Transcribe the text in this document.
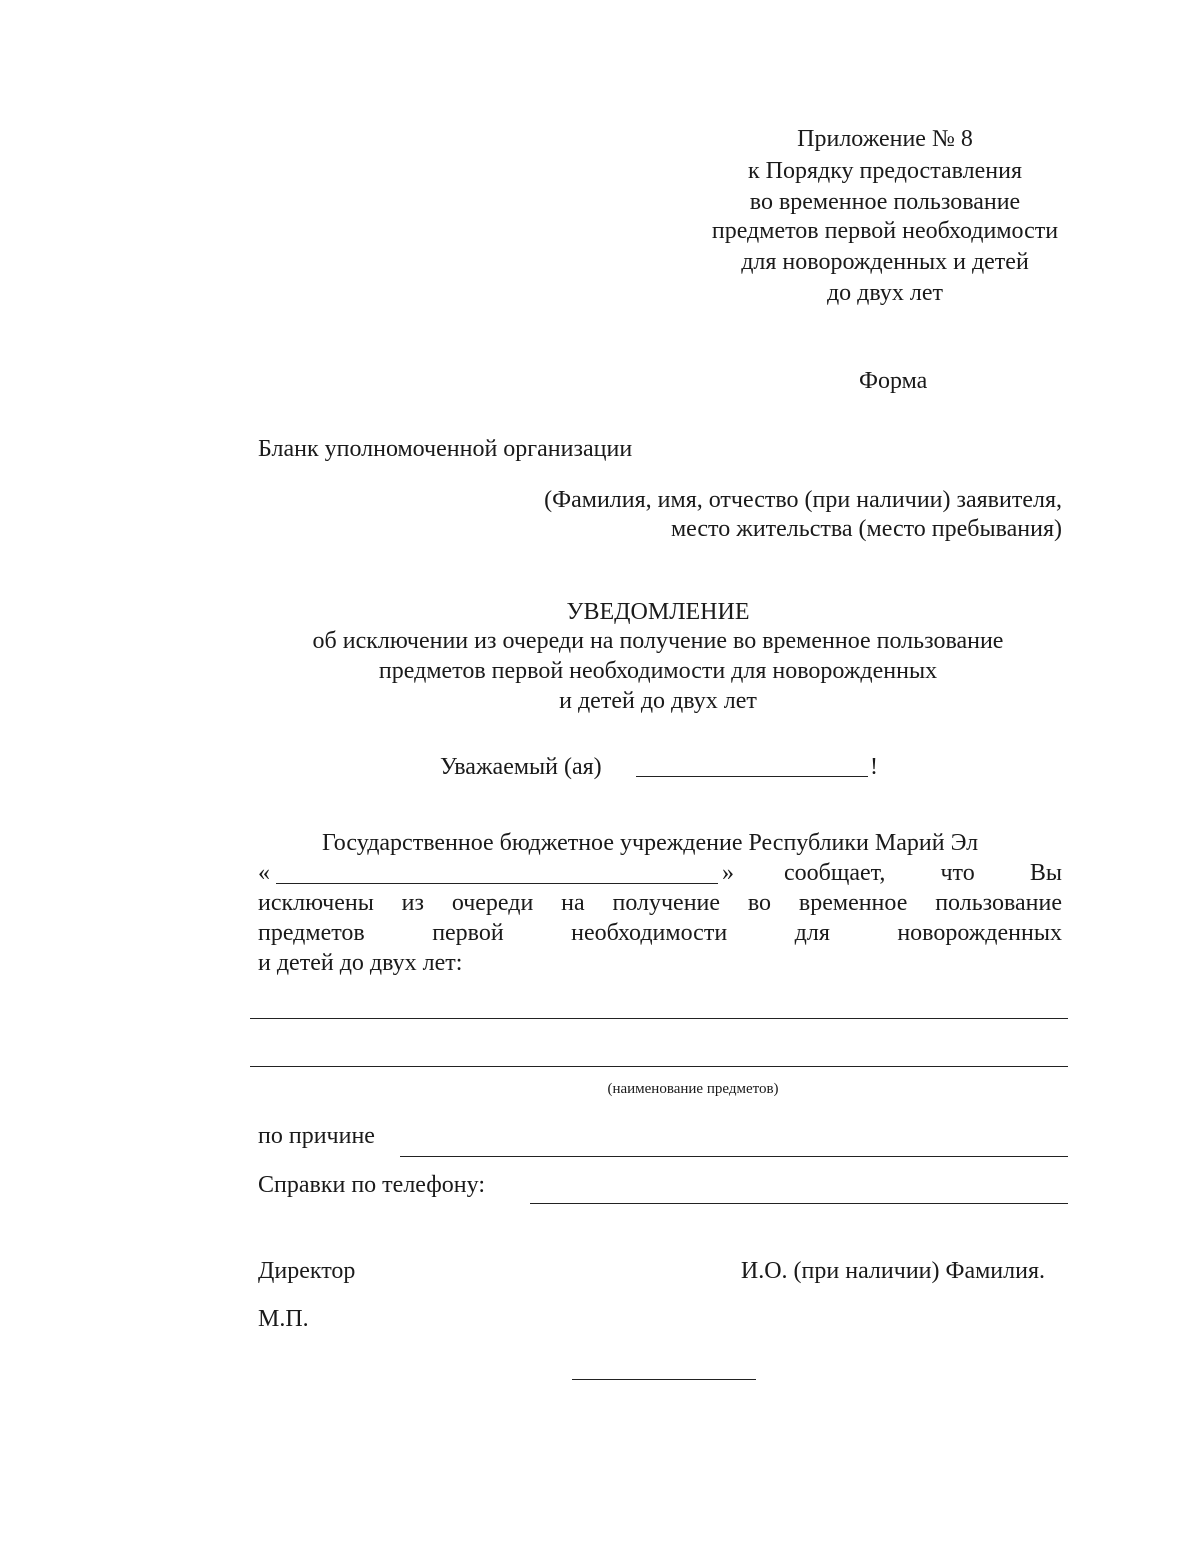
Приложение № 8
к Порядку предоставления
во временное пользование
предметов первой необходимости
для новорожденных и детей
до двух лет
Форма
Бланк уполномоченной организации
(Фамилия, имя, отчество (при наличии) заявителя,
место жительства (место пребывания)
УВЕДОМЛЕНИЕ
об исключении из очереди на получение во временное пользование
предметов первой необходимости для новорожденных
и детей до двух лет
Уважаемый (ая)	!
Государственное бюджетное учреждение Республики Марий Эл
«	» сообщает, что Вы
исключены из очереди на получение во временное пользование
предметов	первой	необходимости	для	новорожденных
и детей до двух лет:
(наименование предметов)
по причине
Справки по телефону:
Директор	И.О. (при наличии) Фамилия.
М.П.
